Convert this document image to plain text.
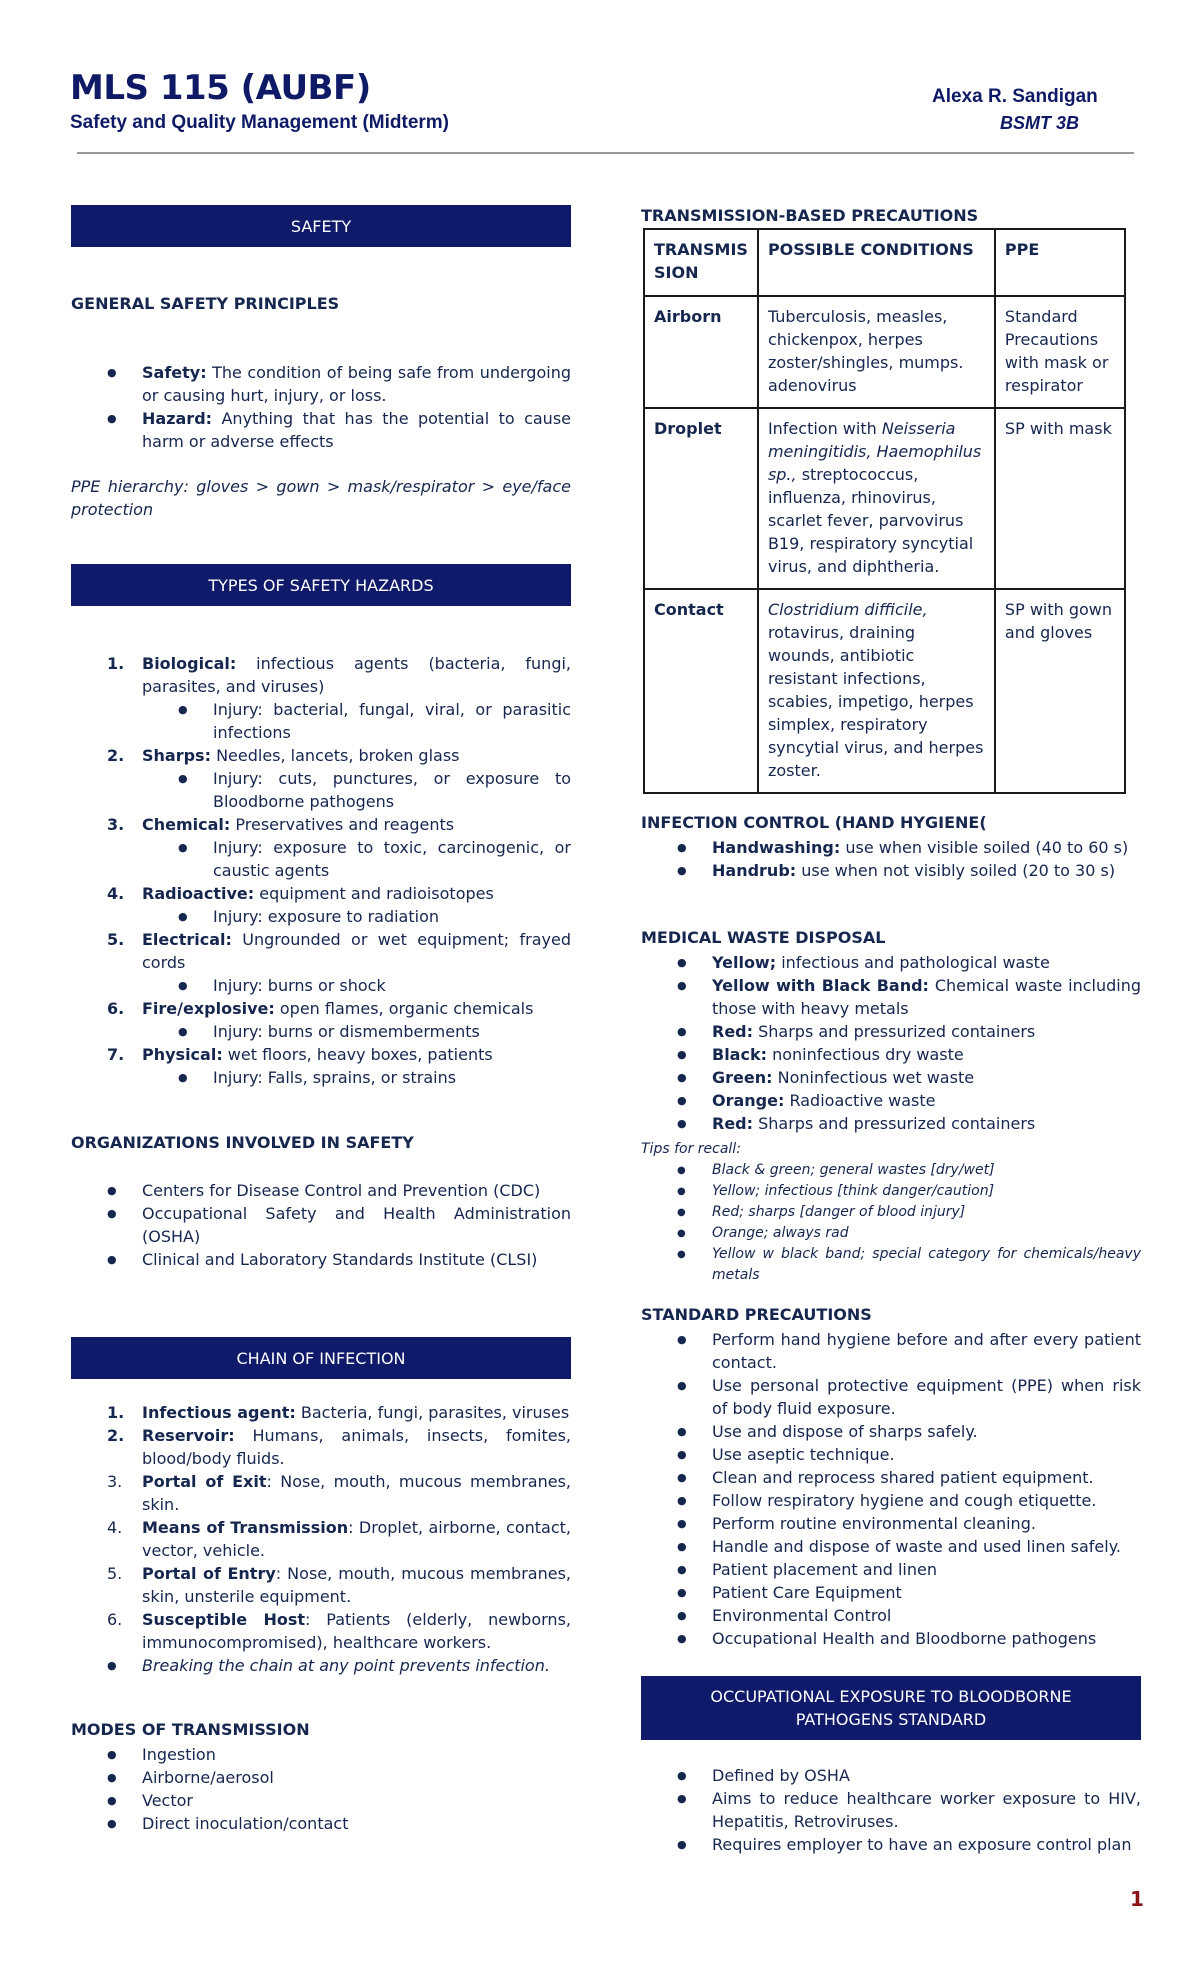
MLS 115 (AUBF)
Safety and Quality Management (Midterm)
Alexa R. Sandigan
BSMT 3B
SAFETY
GENERAL SAFETY PRINCIPLES
● Safety: The condition of being safe from undergoing or causing hurt, injury, or loss.
● Hazard: Anything that has the potential to cause harm or adverse effects
PPE hierarchy: gloves > gown > mask/respirator > eye/face protection
TYPES OF SAFETY HAZARDS
1. Biological: infectious agents (bacteria, fungi, parasites, and viruses)
● Injury: bacterial, fungal, viral, or parasitic infections
2. Sharps: Needles, lancets, broken glass
● Injury: cuts, punctures, or exposure to Bloodborne pathogens
3. Chemical: Preservatives and reagents
● Injury: exposure to toxic, carcinogenic, or caustic agents
4. Radioactive: equipment and radioisotopes
● Injury: exposure to radiation
5. Electrical: Ungrounded or wet equipment; frayed cords
● Injury: burns or shock
6. Fire/explosive: open flames, organic chemicals
● Injury: burns or dismemberments
7. Physical: wet floors, heavy boxes, patients
● Injury: Falls, sprains, or strains
ORGANIZATIONS INVOLVED IN SAFETY
● Centers for Disease Control and Prevention (CDC)
● Occupational Safety and Health Administration (OSHA)
● Clinical and Laboratory Standards Institute (CLSI)
CHAIN OF INFECTION
1. Infectious agent: Bacteria, fungi, parasites, viruses
2. Reservoir: Humans, animals, insects, fomites, blood/body fluids.
3. Portal of Exit: Nose, mouth, mucous membranes, skin.
4. Means of Transmission: Droplet, airborne, contact, vector, vehicle.
5. Portal of Entry: Nose, mouth, mucous membranes, skin, unsterile equipment.
6. Susceptible Host: Patients (elderly, newborns, immunocompromised), healthcare workers.
● Breaking the chain at any point prevents infection.
MODES OF TRANSMISSION
● Ingestion
● Airborne/aerosol
● Vector
● Direct inoculation/contact
TRANSMISSION-BASED PRECAUTIONS
TRANSMIS SION	POSSIBLE CONDITIONS	PPE
Airborn	Tuberculosis, measles, chickenpox, herpes zoster/shingles, mumps. adenovirus	Standard Precautions with mask or respirator
Droplet	Infection with Neisseria meningitidis, Haemophilus sp., streptococcus, influenza, rhinovirus, scarlet fever, parvovirus B19, respiratory syncytial virus, and diphtheria.	SP with mask
Contact	Clostridium difficile, rotavirus, draining wounds, antibiotic resistant infections, scabies, impetigo, herpes simplex, respiratory syncytial virus, and herpes zoster.	SP with gown and gloves
INFECTION CONTROL (HAND HYGIENE(
● Handwashing: use when visible soiled (40 to 60 s)
● Handrub: use when not visibly soiled (20 to 30 s)
MEDICAL WASTE DISPOSAL
● Yellow; infectious and pathological waste
● Yellow with Black Band: Chemical waste including those with heavy metals
● Red: Sharps and pressurized containers
● Black: noninfectious dry waste
● Green: Noninfectious wet waste
● Orange: Radioactive waste
● Red: Sharps and pressurized containers
Tips for recall:
● Black & green; general wastes [dry/wet]
● Yellow; infectious [think danger/caution]
● Red; sharps [danger of blood injury]
● Orange; always rad
● Yellow w black band; special category for chemicals/heavy metals
STANDARD PRECAUTIONS
● Perform hand hygiene before and after every patient contact.
● Use personal protective equipment (PPE) when risk of body fluid exposure.
● Use and dispose of sharps safely.
● Use aseptic technique.
● Clean and reprocess shared patient equipment.
● Follow respiratory hygiene and cough etiquette.
● Perform routine environmental cleaning.
● Handle and dispose of waste and used linen safely.
● Patient placement and linen
● Patient Care Equipment
● Environmental Control
● Occupational Health and Bloodborne pathogens
OCCUPATIONAL EXPOSURE TO BLOODBORNE
PATHOGENS STANDARD
● Defined by OSHA
● Aims to reduce healthcare worker exposure to HIV, Hepatitis, Retroviruses.
● Requires employer to have an exposure control plan
1
